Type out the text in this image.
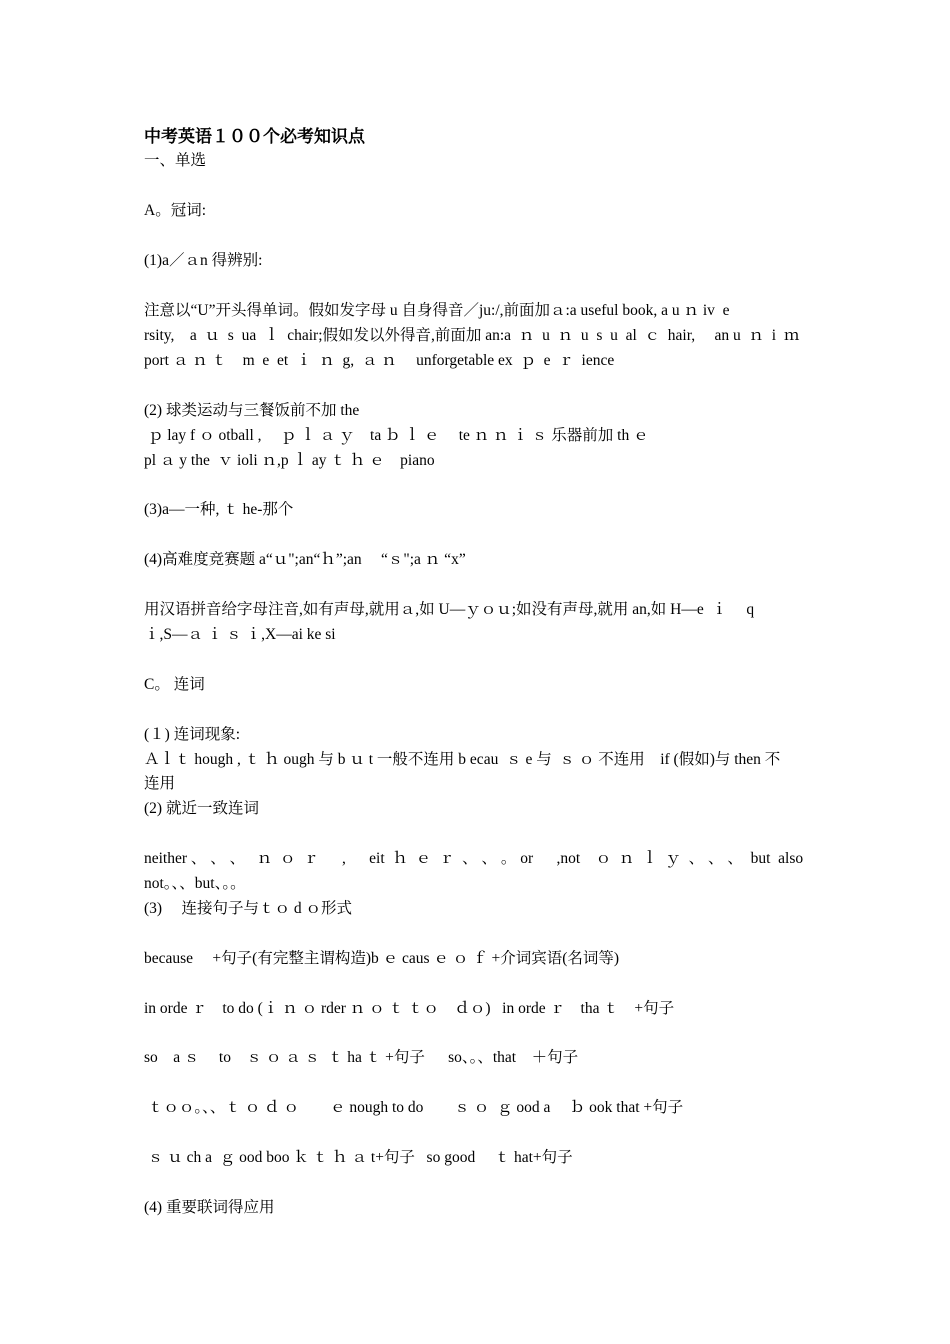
中考英语１００个必考知识点
一、单选
A。冠词:
(1)a／ａn 得辨别:
注意以“U”开头得单词。假如发字母 u 自身得音／ju:/,前面加ａ:a useful book, a u ｎ iv  e
rsity,    a  ｕ  s  ua  ｌ  chair;假如发以外得音,前面加 an:a  ｎ  u  ｎ  u  s  u  al  ｃ  hair,     an u  ｎ  i  ｍ
port ａ ｎ ｔ    m  e  et  ｉ  ｎ  g,  ａ ｎ     unforgetable ex  ｐ  e  ｒ  ience
(2) 球类运动与三餐饭前不加 the
ｐ lay f ｏ otball ,     ｐ ｌ ａ ｙ    ta ｂ ｌ ｅ     te ｎ ｎ ｉ ｓ 乐器前加 th ｅ
pl ａ y the  ｖ ioli ｎ,p ｌ ay ｔ ｈ ｅ    piano
(3)a—一种, ｔ he-那个
(4)高难度竞赛题 a“ｕ";an“ｈ”;an     “ｓ";a ｎ “x”
用汉语拼音给字母注音,如有声母,就用ａ,如 U—ｙｏｕ;如没有声母,就用 an,如 H—e  ｉ     q
ｉ,S—ａ ｉ ｓ ｉ,X—ai ke si
C。 连词
(１) 连词现象:
Ａｌｔ hough , ｔ ｈ ough 与 b ｕ t 一般不连用 b ecau  ｓ e 与  ｓ ｏ 不连用    if (假如)与 then 不
连用
(2) 就近一致连词
neither 、 、 、   ｎ  ｏ  ｒ      ,      eit  ｈ  ｅ  ｒ  、 、 。 or      ,not    ｏ  ｎ  ｌ  ｙ  、 、 、  but  also
not。、、but、。。
(3)     连接句子与ｔｏ d ｏ形式
because     +句子(有完整主谓构造)b ｅ caus ｅ ｏ ｆ +介词宾语(名词等)
in orde ｒ    to do (ｉ ｎ ｏ rder ｎ ｏ ｔ ｔｏ    ｄｏ)   in orde ｒ    tha ｔ    +句子
so    a ｓ     to    ｓ ｏ ａ ｓ  ｔ ha ｔ +句子      so、。、that    ＋句子
ｔｏｏ。、、ｔ ｏ ｄ ｏ        ｅ nough to do        ｓ ｏ  ｇ ood a     ｂ ook that +句子
ｓ ｕ ch a  ｇ ood boo ｋ ｔ ｈ ａ t+句子   so good     ｔ hat+句子
(4) 重要联词得应用
